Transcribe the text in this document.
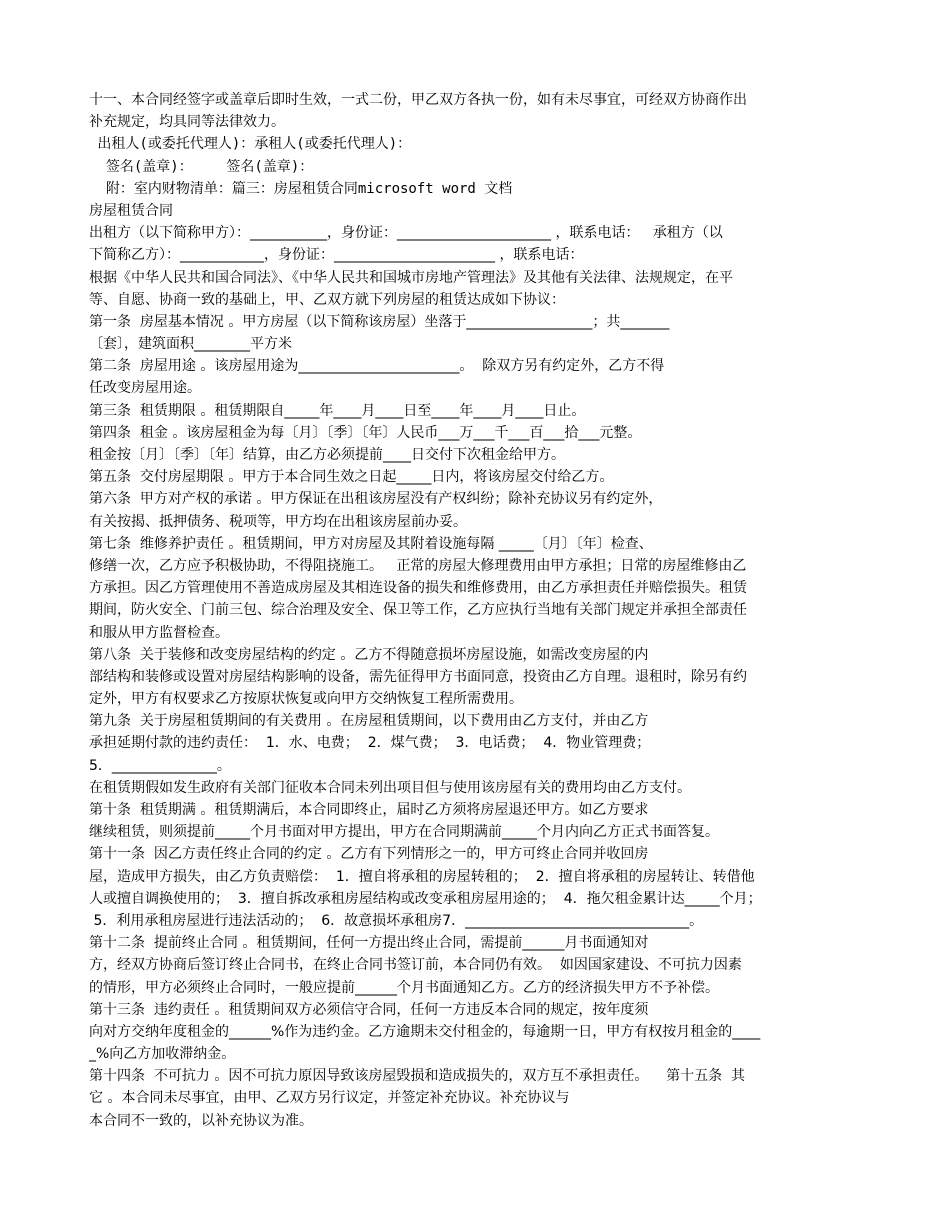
十一、本合同经签字或盖章后即时生效，一式二份，甲乙双方各执一份，如有未尽事宜，可经双方协商作出
补充规定，均具同等法律效力。
出租人(或委托代理人)：承租人(或委托代理人)：
签名(盖章)：    签名(盖章)：
附：室内财物清单：篇三：房屋租赁合同microsoft word 文档
房屋租赁合同
出租方（以下简称甲方）：___________，身份证：______________________ ，联系电话：   承租方（以
下简称乙方）：____________，身份证：_______________________ ，联系电话：
根据《中华人民共和国合同法》、《中华人民共和国城市房地产管理法》及其他有关法律、法规规定，在平
等、自愿、协商一致的基础上，甲、乙双方就下列房屋的租赁达成如下协议：
第一条  房屋基本情况 。甲方房屋（以下简称该房屋）坐落于__________________；共_______
〔套〕，建筑面积________平方米
第二条  房屋用途 。该房屋用途为_______________________。  除双方另有约定外，乙方不得
任改变房屋用途。
第三条  租赁期限 。租赁期限自_____年____月____日至____年____月____日止。
第四条  租金 。该房屋租金为每〔月〕〔季〕〔年〕人民币___万___千___百___拾___元整。
租金按〔月〕〔季〕〔年〕结算，由乙方必须提前____日交付下次租金给甲方。
第五条  交付房屋期限 。甲方于本合同生效之日起_____日内，将该房屋交付给乙方。
第六条  甲方对产权的承诺 。甲方保证在出租该房屋没有产权纠纷；除补充协议另有约定外，
有关按揭、抵押债务、税项等，甲方均在出租该房屋前办妥。
第七条  维修养护责任 。租赁期间，甲方对房屋及其附着设施每隔 _____〔月〕〔年〕检查、
修缮一次，乙方应予积极协助，不得阻挠施工。   正常的房屋大修理费用由甲方承担；日常的房屋维修由乙
方承担。因乙方管理使用不善造成房屋及其相连设备的损失和维修费用，由乙方承担责任并赔偿损失。租赁
期间，防火安全、门前三包、综合治理及安全、保卫等工作，乙方应执行当地有关部门规定并承担全部责任
和服从甲方监督检查。
第八条  关于装修和改变房屋结构的约定 。乙方不得随意损坏房屋设施，如需改变房屋的内
部结构和装修或设置对房屋结构影响的设备，需先征得甲方书面同意，投资由乙方自理。退租时，除另有约
定外，甲方有权要求乙方按原状恢复或向甲方交纳恢复工程所需费用。
第九条  关于房屋租赁期间的有关费用 。在房屋租赁期间，以下费用由乙方支付，并由乙方
承担延期付款的违约责任：  1．水、电费；  2．煤气费；  3．电话费；  4．物业管理费；
5．_______________。
在租赁期假如发生政府有关部门征收本合同未列出项目但与使用该房屋有关的费用均由乙方支付。
第十条  租赁期满 。租赁期满后，本合同即终止，届时乙方须将房屋退还甲方。如乙方要求
继续租赁，则须提前_____个月书面对甲方提出，甲方在合同期满前_____个月内向乙方正式书面答复。
第十一条  因乙方责任终止合同的约定 。乙方有下列情形之一的，甲方可终止合同并收回房
屋，造成甲方损失，由乙方负责赔偿：  1．擅自将承租的房屋转租的；  2．擅自将承租的房屋转让、转借他
人或擅自调换使用的；  3．擅自拆改承租房屋结构或改变承租房屋用途的；  4．拖欠租金累计达_____个月；
5．利用承租房屋进行违法活动的；  6．故意损坏承租房7．________________________________。
第十二条  提前终止合同 。租赁期间，任何一方提出终止合同，需提前______月书面通知对
方，经双方协商后签订终止合同书，在终止合同书签订前，本合同仍有效。  如因国家建设、不可抗力因素
的情形，甲方必须终止合同时，一般应提前______个月书面通知乙方。乙方的经济损失甲方不予补偿。
第十三条  违约责任 。租赁期间双方必须信守合同，任何一方违反本合同的规定，按年度须
向对方交纳年度租金的______%作为违约金。乙方逾期未交付租金的，每逾期一日，甲方有权按月租金的____
_%向乙方加收滞纳金。
第十四条  不可抗力 。因不可抗力原因导致该房屋毁损和造成损失的，双方互不承担责任。    第十五条  其
它 。本合同未尽事宜，由甲、乙双方另行议定，并签定补充协议。补充协议与
本合同不一致的，以补充协议为准。
